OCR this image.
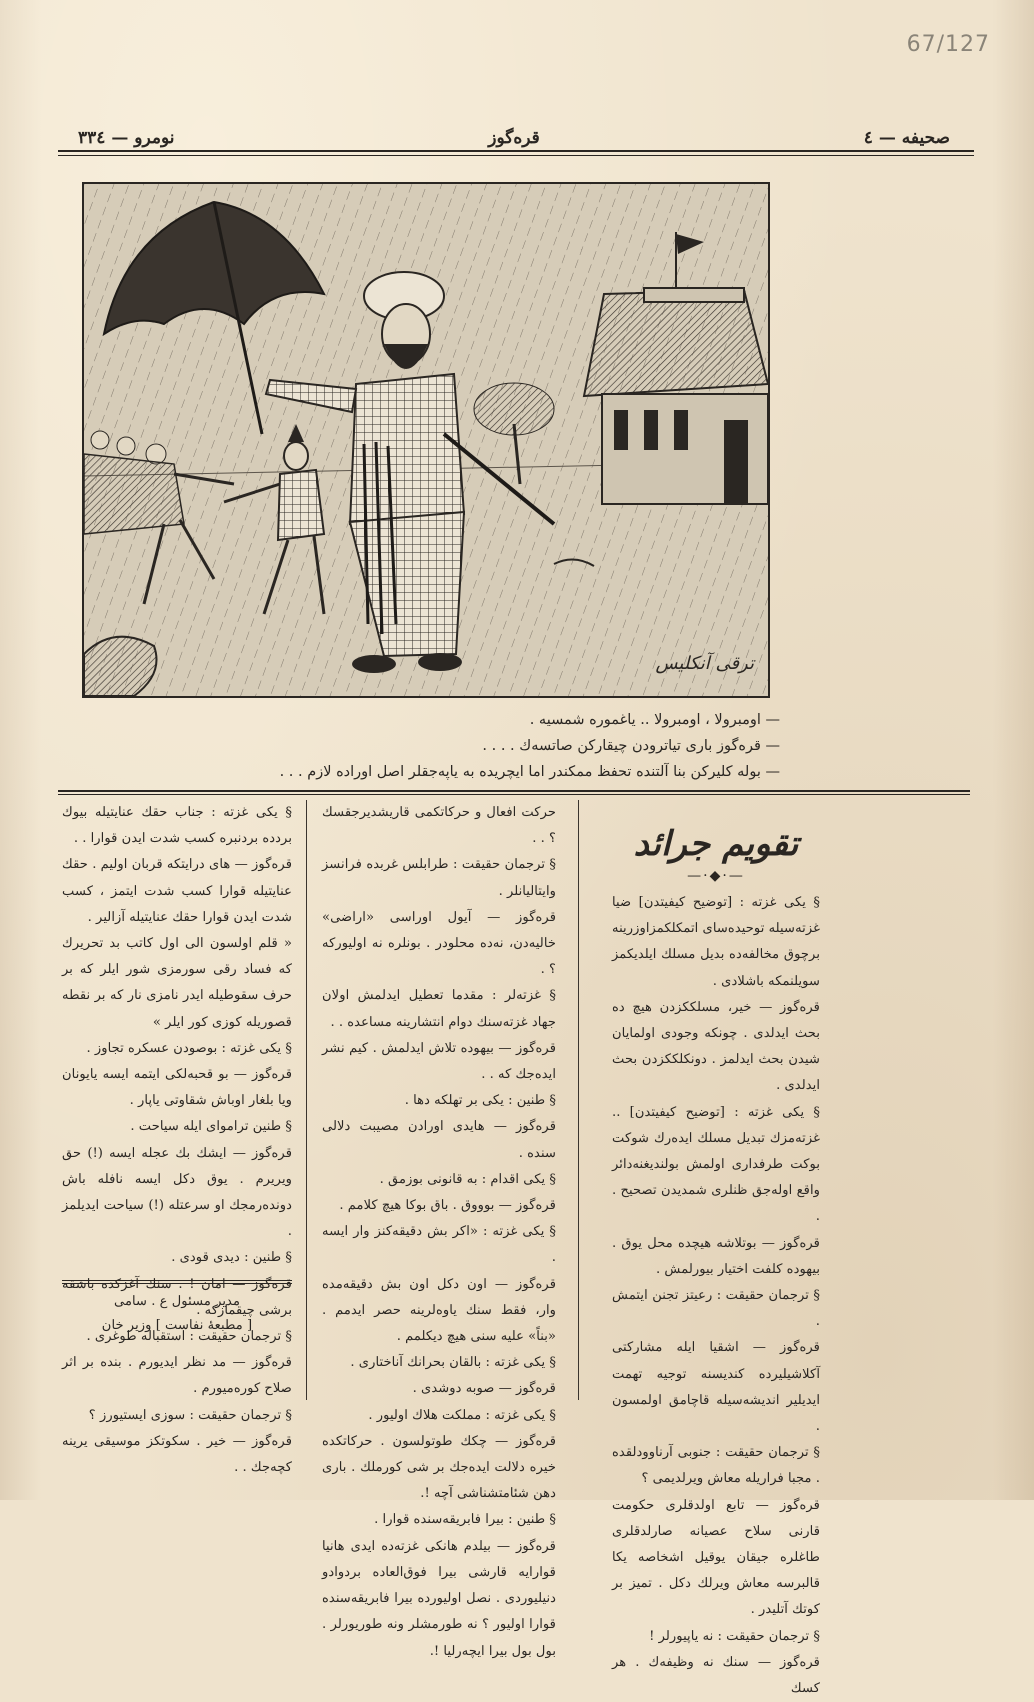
67/127
صحیفه — ٤
قره‌گوز
نومرو — ٣٣٤
ترقی آنکلیس
— اومبرولا ، اومبرولا .. یاغموره شمسیه .
— قره‌گوز باری تیاترودن چیقارکن صاتسه‌ك . . . .
— بوله کلیرکن بنا آلتنده تحفظ ممکندر اما ایچریده به یاپه‌جقلر اصل اوراده لازم . . .
تقویم جرائد
—·◆·—

§ یکی غزته : [توضیح کیفیتدن] ضیا غزته‌سیله توحیده‌سای اتمکلکمزاوزرینه برچوق مخالفه‌ده بدیل مسلك ایلدیکمز سویلنمکه باشلادی .

قره‌گوز — خیر، مسلککزدن هیچ ده بحث ایدلدی . چونکه وجودی اولمایان شیدن بحث ایدلمز . دونکلککزدن بحث ایدلدی .

§ یکی غزته : [توضیح کیفیتدن] .. غزته‌مزك تبدیل مسلك ایده‌رك شوکت بوکت طرفداری اولمش بولندیغنه‌دائر واقع اوله‌جق ظنلری شمدیدن تصحیح . .

قره‌گوز — بوتلاشه هیچده محل یوق . بیهوده کلفت اختیار بیورلمش .

§ ترجمان حقیقت : رعیتز تجنن ایتمش .

قره‌گوز — اشقیا ایله مشارکتی آکلاشیلیرده کندیسنه توجیه تهمت ایدیلیر اندیشه‌سیله قاچامق اولمسون .

§ ترجمان حقیقت : جنوبی آرناوودلقده . مجبا فراریله معاش ویرلدیمی ؟

قره‌گوز — تابع اولدقلری حکومت قارنی سلاح عصیانه صارلدقلری طاغلره جیقان یوقیل اشخاصه یکا قالبرسه معاش ویرلك دکل . تمیز بر کوتك آتلیدر .

§ ترجمان حقیقت : نه یاپیورلر !

قره‌گوز — سنك نه وظیفه‌ك . هر کسك

حرکت افعال و حرکاتکمی قاریشدیرجقسك ؟ . .

§ ترجمان حقیقت : طرابلس غربده فرانسز وایتالیانلر .

قره‌گوز — آیول اوراسی «اراضی» خالیه‌دن، نه‌ده محلودر . بونلره نه اولیورکه ؟ .

§ غزته‌لر : مقدما تعطیل ایدلمش اولان جهاد غزته‌سنك دوام انتشارینه مساعده . .

قره‌گوز — بیهوده تلاش ایدلمش . کیم نشر ایده‌جك که . .

§ طنین : یکی بر تهلکه دها .

قره‌گوز — هایدی اورادن مصیبت دلالی سنده .

§ یکی اقدام : به قانونی بوزمق .

قره‌گوز — بوووق . باق بوکا هیچ کلامم .

§ یکی غزته : «اکر بش دقیقه‌کنز وار ایسه .

قره‌گوز — اون دکل اون بش دقیقه‌مده وار، فقط سنك یاوه‌لرینه حصر ایدمم . «بناً» علیه سنی هیچ دیکلمم .

§ یکی غزته : بالقان بحرانك آناختاری .

قره‌گوز — صوبه دوشدی .

§ یکی غزته : مملکت هلاك اولیور .

قره‌گوز — چکك طوتولسون . حرکاتکده خیره دلالت ایده‌جك بر شی کورملك . باری دهن شئامتشناشی آچه !.

§ طنین : بیرا فابریقه‌سنده قوارا .

قره‌گوز — بیلدم هانکی غزته‌ده ایدی هانیا قوارایه قارشی بیرا فوق‌العاده بردوادو دنیلیوردی . نصل اولیورده بیرا فابریقه‌سنده قوارا اولیور ؟ نه طورمشلر ونه طوریورلر . بول بول بیرا ایچه‌رلیا !.

§ یکی غزته : جناب حقك عنایتیله بیوك بردده بردنبره کسب شدت ایدن قوارا . .

قره‌گوز — های درایتکه قربان اولیم . حقك عنایتیله قوارا کسب شدت ایتمز ، کسب شدت ایدن قوارا حقك عنایتیله آزالیر .

« قلم اولسون الی اول کاتب بد تحریرك که فساد رقی سورمزی شور ایلر که بر حرف سقوطیله ایدر نامزی نار که بر نقطه قصوریله کوزی کور ایلر »

§ یکی غزته : بوصودن عسکره تجاوز .

قره‌گوز — بو قحبه‌لکی ایتمه ایسه یایونان ویا بلغار اوباش شقاوتی یاپار .

§ طنین تراموای ایله سیاحت .

قره‌گوز — ایشك بك عجله ایسه (!) حق ویریرم . یوق دکل ایسه نافله باش دونده‌رمجك او سرعتله (!) سیاحت ایدیلمز .

§ طنین : دیدی قودی .

قره‌گوز — امان ! . سنك آغزکده باشقه برشی چیقمازکه .

§ ترجمان حقیقت : استقباله طوغری .

قره‌گوز — مد نظر ایدیورم . بنده بر اثر صلاح کوره‌میورم .

§ ترجمان حقیقت : سوزی ایستیورز ؟

قره‌گوز — خیر . سکوتکز موسیقی یرینه کچه‌جك . .

مدیر مسئول ع . سامی
[ مطبعهٔ نفاست ] وزیر خان
